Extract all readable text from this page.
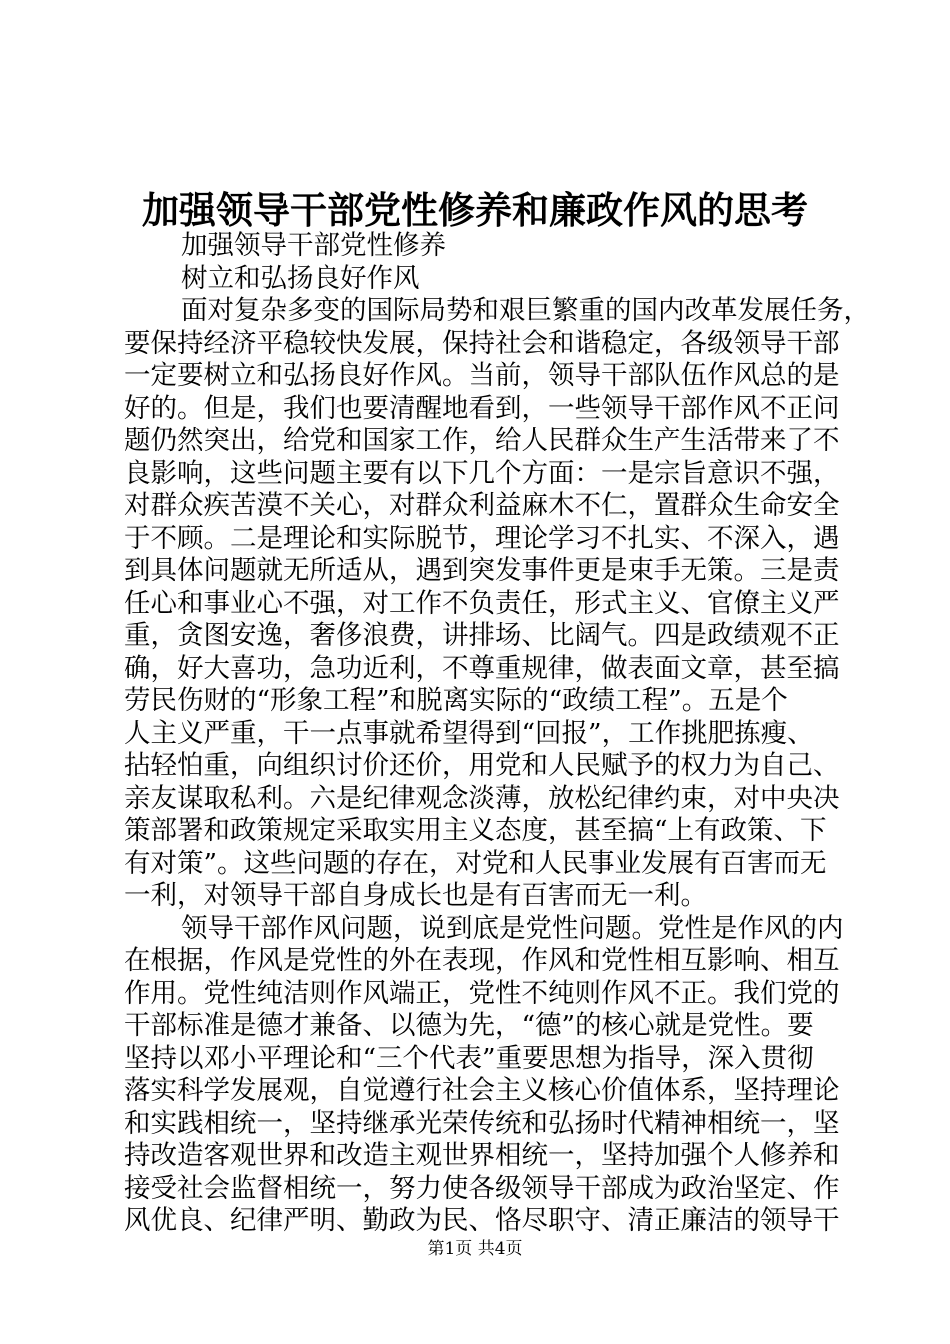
加强领导干部党性修养和廉政作风的思考
加强领导干部党性修养
树立和弘扬良好作风
面对复杂多变的国际局势和艰巨繁重的国内改革发展任务，
要保持经济平稳较快发展，保持社会和谐稳定，各级领导干部
一定要树立和弘扬良好作风。当前，领导干部队伍作风总的是
好的。但是，我们也要清醒地看到，一些领导干部作风不正问
题仍然突出，给党和国家工作，给人民群众生产生活带来了不
良影响，这些问题主要有以下几个方面：一是宗旨意识不强，
对群众疾苦漠不关心，对群众利益麻木不仁，置群众生命安全
于不顾。二是理论和实际脱节，理论学习不扎实、不深入，遇
到具体问题就无所适从，遇到突发事件更是束手无策。三是责
任心和事业心不强，对工作不负责任，形式主义、官僚主义严
重，贪图安逸，奢侈浪费，讲排场、比阔气。四是政绩观不正
确，好大喜功，急功近利，不尊重规律，做表面文章，甚至搞
劳民伤财的“形象工程”和脱离实际的“政绩工程”。五是个
人主义严重，干一点事就希望得到“回报”，工作挑肥拣瘦、
拈轻怕重，向组织讨价还价，用党和人民赋予的权力为自己、
亲友谋取私利。六是纪律观念淡薄，放松纪律约束，对中央决
策部署和政策规定采取实用主义态度，甚至搞“上有政策、下
有对策”。这些问题的存在，对党和人民事业发展有百害而无
一利，对领导干部自身成长也是有百害而无一利。
领导干部作风问题，说到底是党性问题。党性是作风的内
在根据，作风是党性的外在表现，作风和党性相互影响、相互
作用。党性纯洁则作风端正，党性不纯则作风不正。我们党的
干部标准是德才兼备、以德为先，“德”的核心就是党性。要
坚持以邓小平理论和“三个代表”重要思想为指导，深入贯彻
落实科学发展观，自觉遵行社会主义核心价值体系，坚持理论
和实践相统一，坚持继承光荣传统和弘扬时代精神相统一，坚
持改造客观世界和改造主观世界相统一，坚持加强个人修养和
接受社会监督相统一，努力使各级领导干部成为政治坚定、作
风优良、纪律严明、勤政为民、恪尽职守、清正廉洁的领导干
第1页 共4页
